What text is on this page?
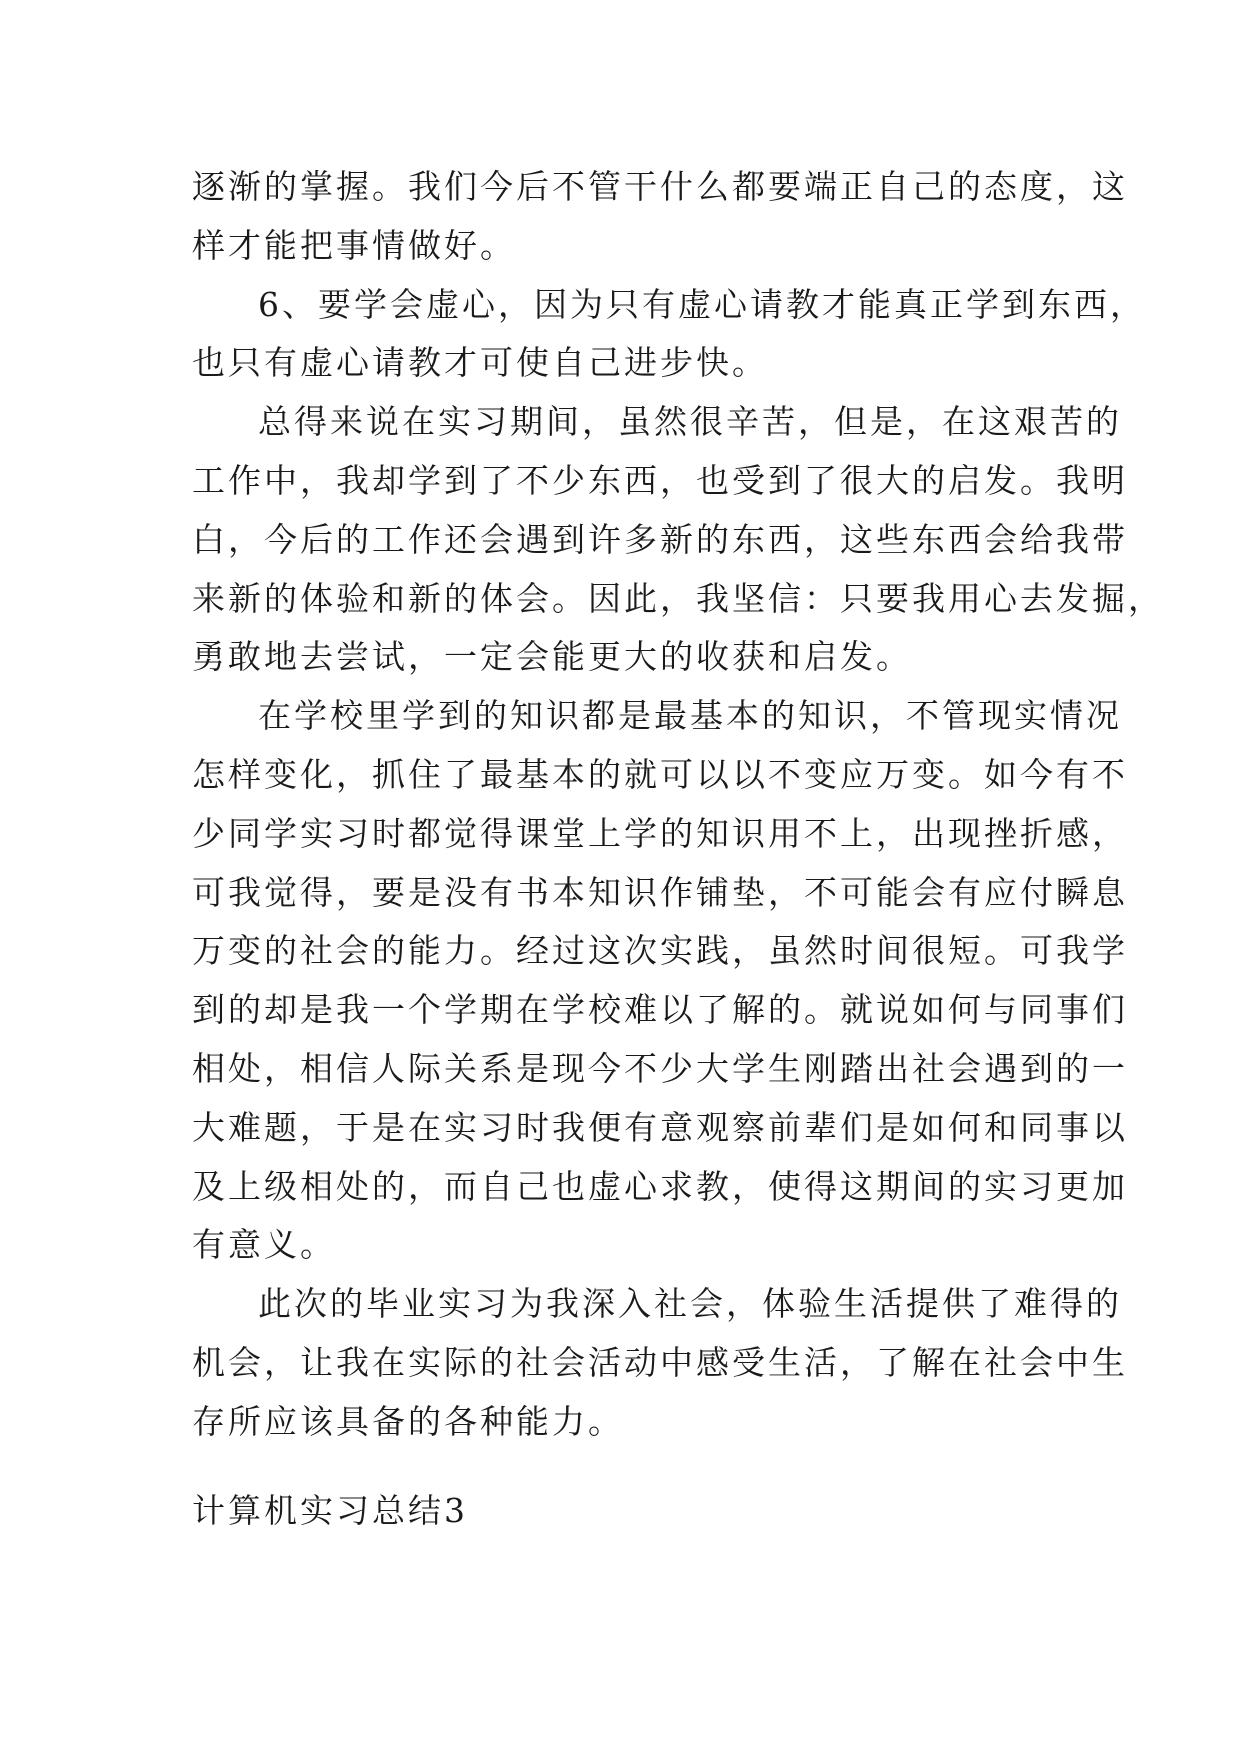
逐渐的掌握。我们今后不管干什么都要端正自己的态度，这
样才能把事情做好。
6、要学会虚心，因为只有虚心请教才能真正学到东西，
也只有虚心请教才可使自己进步快。
总得来说在实习期间，虽然很辛苦，但是，在这艰苦的
工作中，我却学到了不少东西，也受到了很大的启发。我明
白，今后的工作还会遇到许多新的东西，这些东西会给我带
来新的体验和新的体会。因此，我坚信：只要我用心去发掘，
勇敢地去尝试，一定会能更大的收获和启发。
在学校里学到的知识都是最基本的知识，不管现实情况
怎样变化，抓住了最基本的就可以以不变应万变。如今有不
少同学实习时都觉得课堂上学的知识用不上，出现挫折感，
可我觉得，要是没有书本知识作铺垫，不可能会有应付瞬息
万变的社会的能力。经过这次实践，虽然时间很短。可我学
到的却是我一个学期在学校难以了解的。就说如何与同事们
相处，相信人际关系是现今不少大学生刚踏出社会遇到的一
大难题，于是在实习时我便有意观察前辈们是如何和同事以
及上级相处的，而自己也虚心求教，使得这期间的实习更加
有意义。
此次的毕业实习为我深入社会，体验生活提供了难得的
机会，让我在实际的社会活动中感受生活，了解在社会中生
存所应该具备的各种能力。
计算机实习总结3
